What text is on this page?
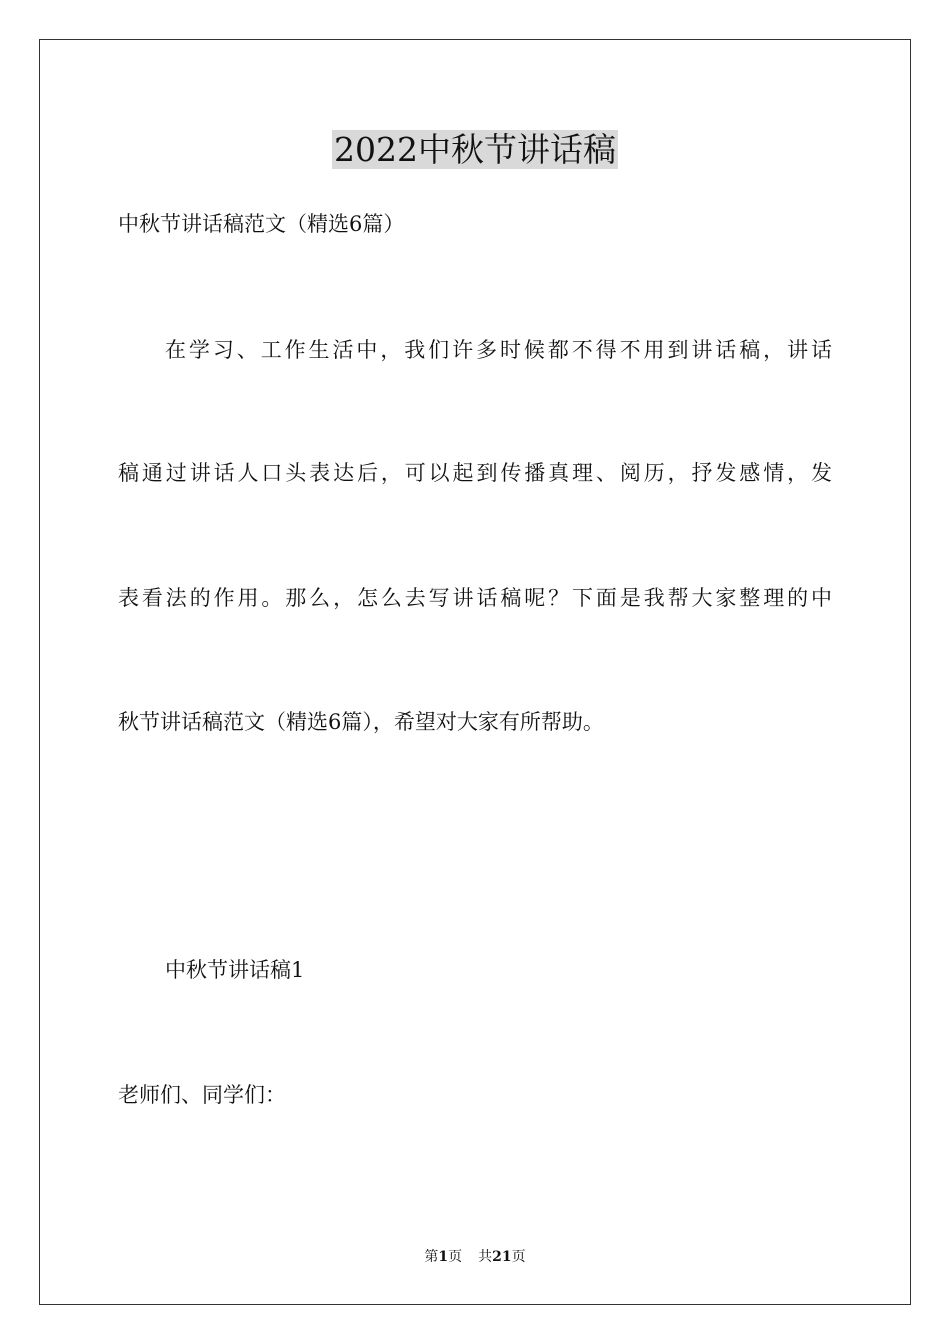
2022中秋节讲话稿

中秋节讲话稿范文（精选6篇）

在学习、工作生活中，我们许多时候都不得不用到讲话稿，讲话

稿通过讲话人口头表达后，可以起到传播真理、阅历，抒发感情，发

表看法的作用。那么，怎么去写讲话稿呢？下面是我帮大家整理的中

秋节讲话稿范文（精选6篇），希望对大家有所帮助。

中秋节讲话稿1

老师们、同学们：

第1页 共21页
